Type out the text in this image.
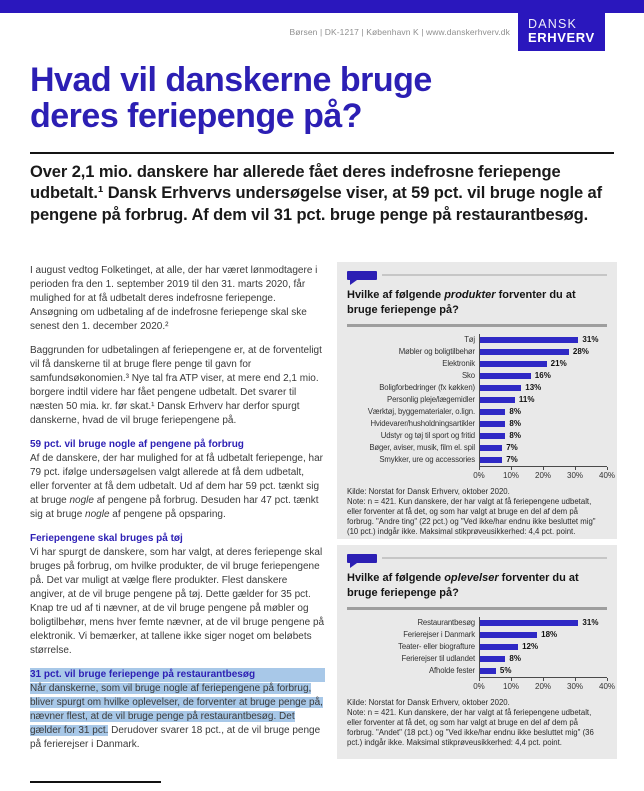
Børsen | DK-1217 | København K | www.danskerhverv.dk
DANSK
ERHVERV
Hvad vil danskerne bruge
deres feriepenge på?

Over 2,1 mio. danskere har allerede fået deres indefrosne feriepenge udbetalt.¹ Dansk Erhvervs undersøgelse viser, at 59 pct. vil bruge nogle af pengene på forbrug. Af dem vil 31 pct. bruge penge på restaurantbesøg.

I august vedtog Folketinget, at alle, der har været lønmodtagere i perioden fra den 1. september 2019 til den 31. marts 2020, får mulighed for at få udbetalt deres indefrosne feriepenge. Ansøgning om udbetaling af de indefrosne feriepenge skal ske senest den 1. december 2020.²

Baggrunden for udbetalingen af feriepengene er, at de forventeligt vil få danskerne til at bruge flere penge til gavn for samfundsøkonomien.³ Nye tal fra ATP viser, at mere end 2,1 mio. borgere indtil videre har fået pengene udbetalt. Det svarer til næsten 50 mia. kr. før skat.¹ Dansk Erhverv har derfor spurgt danskerne, hvad de vil bruge feriepengene på.

59 pct. vil bruge nogle af pengene på forbrug

Af de danskere, der har mulighed for at få udbetalt feriepenge, har 79 pct. ifølge undersøgelsen valgt allerede at få dem udbetalt, eller forventer at få dem udbetalt. Ud af dem har 59 pct. tænkt sig at bruge nogle af pengene på forbrug. Desuden har 47 pct. tænkt sig at bruge nogle af pengene på opsparing.

Feriepengene skal bruges på tøj

Vi har spurgt de danskere, som har valgt, at deres feriepenge skal bruges på forbrug, om hvilke produkter, de vil bruge feriepengene på. Det var muligt at vælge flere produkter. Flest danskere angiver, at de vil bruge pengene på tøj. Dette gælder for 35 pct. Knap tre ud af ti nævner, at de vil bruge pengene på møbler og boligtilbehør, mens hver femte nævner, at de vil bruge pengene på elektronik. Vi bemærker, at tallene ikke siger noget om beløbets størrelse.

31 pct. vil bruge feriepenge på restaurantbesøg

Når danskerne, som vil bruge nogle af feriepengene på forbrug, bliver spurgt om hvilke oplevelser, de forventer at bruge penge på, nævner flest, at de vil bruge penge på restaurantbesøg. Det gælder for 31 pct. Derudover svarer 18 pct., at de vil bruge penge på ferierejser i Danmark.

Hvilke af følgende produkter forventer du at bruge feriepenge på?
Tøj	31%
Møbler og boligtilbehør	28%
Elektronik	21%
Sko	16%
Boligforbedringer (fx køkken)	13%
Personlig pleje/lægemidler	11%
Værktøj, byggematerialer, o.lign.	8%
Hvidevarer/husholdningsartikler	8%
Udstyr og tøj til sport og fritid	8%
Bøger, aviser, musik, film el. spil	7%
Smykker, ure og accessories	7%
0% 10% 20% 30% 40%
Kilde: Norstat for Dansk Erhverv, oktober 2020.
Note: n = 421. Kun danskere, der har valgt at få feriepengene udbetalt, eller forventer at få det, og som har valgt at bruge en del af dem på forbrug. "Andre ting" (22 pct.) og "Ved ikke/har endnu ikke besluttet mig" (10 pct.) indgår ikke. Maksimal stikprøveusikkerhed: 4,4 pct. point.
Hvilke af følgende oplevelser forventer du at bruge feriepenge på?
Restaurantbesøg	31%
Ferierejser i Danmark	18%
Teater- eller biografture	12%
Ferierejser til udlandet	8%
Afholde fester	5%
0% 10% 20% 30% 40%
Kilde: Norstat for Dansk Erhverv, oktober 2020.
Note: n = 421. Kun danskere, der har valgt at få feriepengene udbetalt, eller forventer at få det, og som har valgt at bruge en del af dem på forbrug. "Andet" (18 pct.) og "Ved ikke/har endnu ikke besluttet mig" (36 pct.) indgår ikke. Maksimal stikprøveusikkerhed: 4,4 pct. point.
